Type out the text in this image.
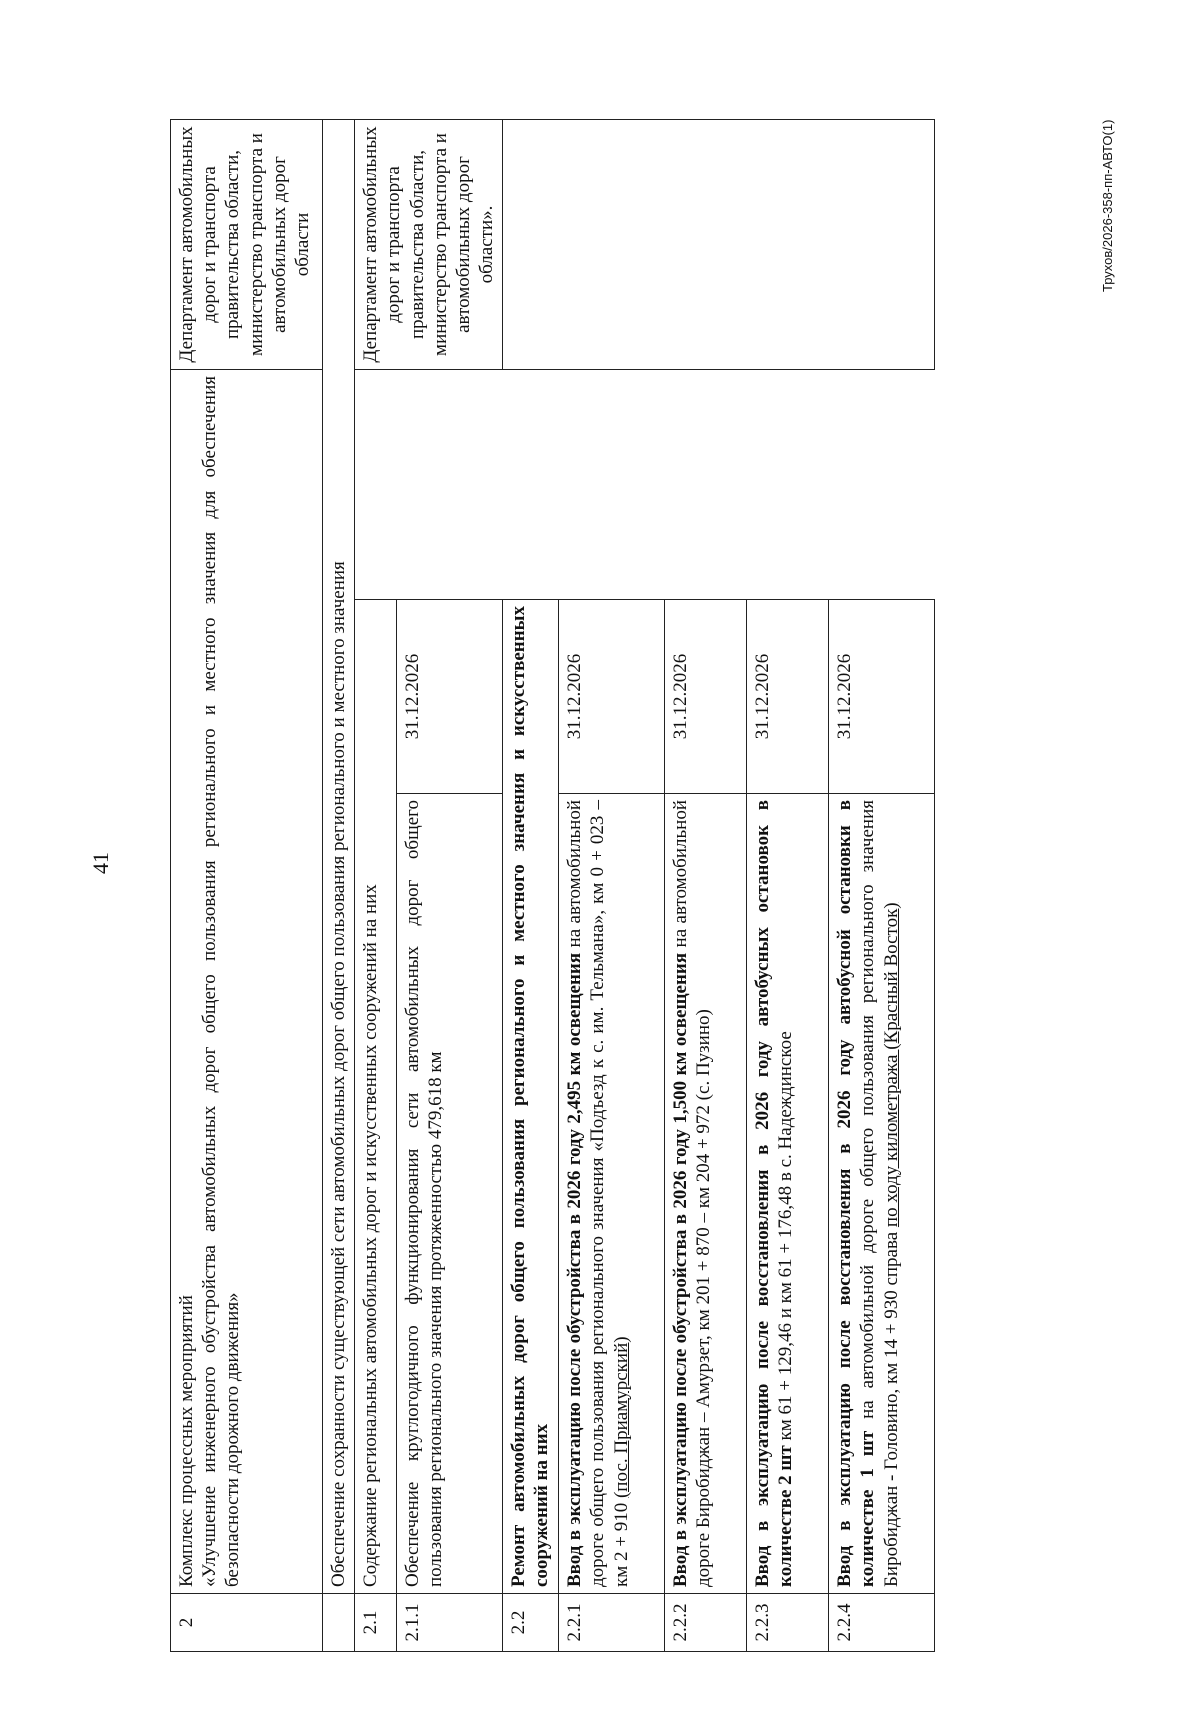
41
Трухов/2026-358-пп-АВТО(1)
2	Комплекс процессных мероприятий «Улучшение инженерного обустройства автомобильных дорог общего пользования регионального и местного значения для обеспечения безопасности дорожного движения»			Департамент автомобильных дорог и транспорта правительства области, министерство транспорта и автомобильных дорог области
	Обеспечение сохранности существующей сети автомобильных дорог общего пользования регионального и местного значения			
2.1	Содержание региональных автомобильных дорог и искусственных сооружений на них			Департамент автомобильных дорог и транспорта правительства области, министерство транспорта и автомобильных дорог области».
2.1.1	Обеспечение круглогодичного функционирования сети автомобильных дорог общего пользования регионального значения протяженностью 479,618 км	31.12.2026		
2.2	Ремонт автомобильных дорог общего пользования регионального и местного значения и искусственных сооружений на них			
2.2.1	Ввод в эксплуатацию после обустройства в 2026 году 2,495 км освещения на автомобильной дороге общего пользования регионального значения «Подъезд к с. им. Тельмана», км 0 + 023 – км 2 + 910 (пос. Приамурский)	31.12.2026		
2.2.2	Ввод в эксплуатацию после обустройства в 2026 году 1,500 км освещения на автомобильной дороге Биробиджан – Амурзет, км 201 + 870 – км 204 + 972 (с. Пузино)	31.12.2026		
2.2.3	Ввод в эксплуатацию после восстановления в 2026 году автобусных остановок в количестве 2 шт км 61 + 129,46 и км 61 + 176,48 в с. Надеждинское	31.12.2026		
2.2.4	Ввод в эксплуатацию после восстановления в 2026 году автобусной остановки в количестве 1 шт на автомобильной дороге общего пользования регионального значения Биробиджан - Головино, км 14 + 930 справа по ходу километража (Красный Восток)	31.12.2026		
